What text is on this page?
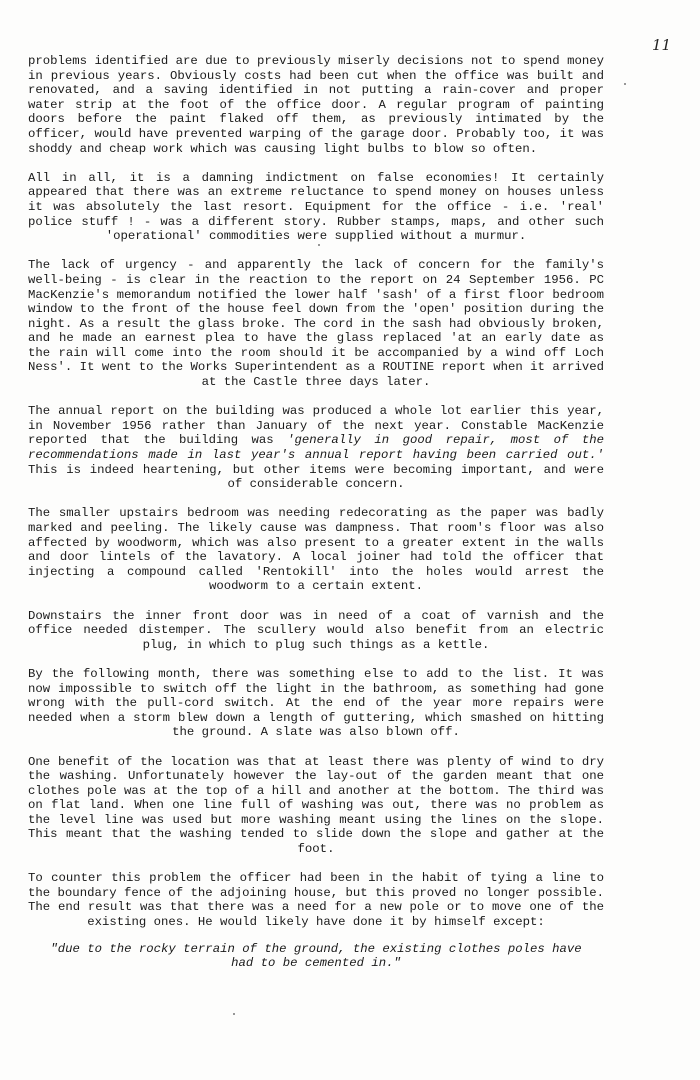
11

problems identified are due to previously miserly decisions not to spend money in previous years. Obviously costs had been cut when the office was built and renovated, and a saving identified in not putting a rain-cover and proper water strip at the foot of the office door. A regular program of painting doors before the paint flaked off them, as previously intimated by the officer, would have prevented warping of the garage door. Probably too, it was shoddy and cheap work which was causing light bulbs to blow so often.

All in all, it is a damning indictment on false economies! It certainly appeared that there was an extreme reluctance to spend money on houses unless it was absolutely the last resort. Equipment for the office - i.e. 'real' police stuff ! - was a different story. Rubber stamps, maps, and other such 'operational' commodities were supplied without a murmur.

The lack of urgency - and apparently the lack of concern for the family's well-being - is clear in the reaction to the report on 24 September 1956. PC MacKenzie's memorandum notified the lower half 'sash' of a first floor bedroom window to the front of the house feel down from the 'open' position during the night. As a result the glass broke. The cord in the sash had obviously broken, and he made an earnest plea to have the glass replaced 'at an early date as the rain will come into the room should it be accompanied by a wind off Loch Ness'. It went to the Works Superintendent as a ROUTINE report when it arrived at the Castle three days later.

The annual report on the building was produced a whole lot earlier this year, in November 1956 rather than January of the next year. Constable MacKenzie reported that the building was 'generally in good repair, most of the recommendations made in last year's annual report having been carried out.' This is indeed heartening, but other items were becoming important, and were of considerable concern.

The smaller upstairs bedroom was needing redecorating as the paper was badly marked and peeling. The likely cause was dampness. That room's floor was also affected by woodworm, which was also present to a greater extent in the walls and door lintels of the lavatory. A local joiner had told the officer that injecting a compound called 'Rentokill' into the holes would arrest the woodworm to a certain extent.

Downstairs the inner front door was in need of a coat of varnish and the office needed distemper. The scullery would also benefit from an electric plug, in which to plug such things as a kettle.

By the following month, there was something else to add to the list. It was now impossible to switch off the light in the bathroom, as something had gone wrong with the pull-cord switch. At the end of the year more repairs were needed when a storm blew down a length of guttering, which smashed on hitting the ground. A slate was also blown off.

One benefit of the location was that at least there was plenty of wind to dry the washing. Unfortunately however the lay-out of the garden meant that one clothes pole was at the top of a hill and another at the bottom. The third was on flat land. When one line full of washing was out, there was no problem as the level line was used but more washing meant using the lines on the slope. This meant that the washing tended to slide down the slope and gather at the foot.

To counter this problem the officer had been in the habit of tying a line to the boundary fence of the adjoining house, but this proved no longer possible. The end result was that there was a need for a new pole or to move one of the existing ones. He would likely have done it by himself except:

"due to the rocky terrain of the ground, the existing clothes poles have had to be cemented in."
